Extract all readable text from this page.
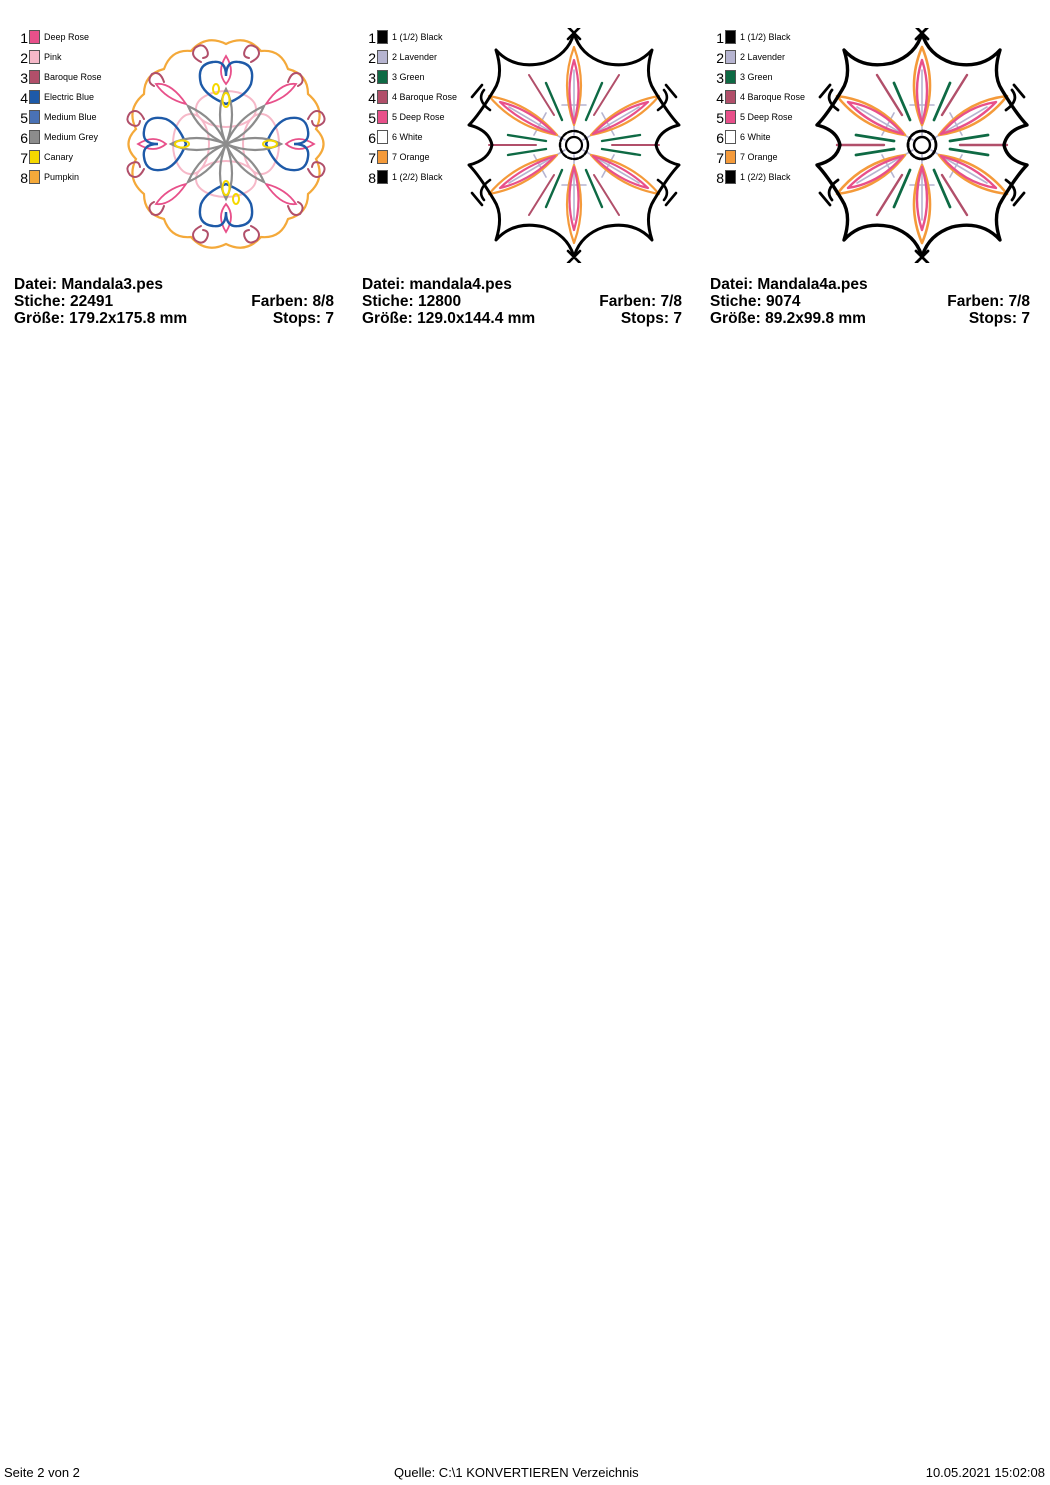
1 Deep Rose
2 Pink
3 Baroque Rose
4 Electric Blue
5 Medium Blue
6 Medium Grey
7 Canary
8 Pumpkin
Datei: Mandala3.pes
Stiche: 22491	Farben: 8/8
Größe: 179.2x175.8 mm	Stops: 7
1 1 (1/2) Black
2 2 Lavender
3 3 Green
4 4 Baroque Rose
5 5 Deep Rose
6 6 White
7 7 Orange
8 1 (2/2) Black
Datei: mandala4.pes
Stiche: 12800	Farben: 7/8
Größe: 129.0x144.4 mm	Stops: 7
1 1 (1/2) Black
2 2 Lavender
3 3 Green
4 4 Baroque Rose
5 5 Deep Rose
6 6 White
7 7 Orange
8 1 (2/2) Black
Datei: Mandala4a.pes
Stiche: 9074	Farben: 7/8
Größe: 89.2x99.8 mm	Stops: 7
Seite 2 von 2	Quelle: C:\1 KONVERTIEREN Verzeichnis	10.05.2021 15:02:08
